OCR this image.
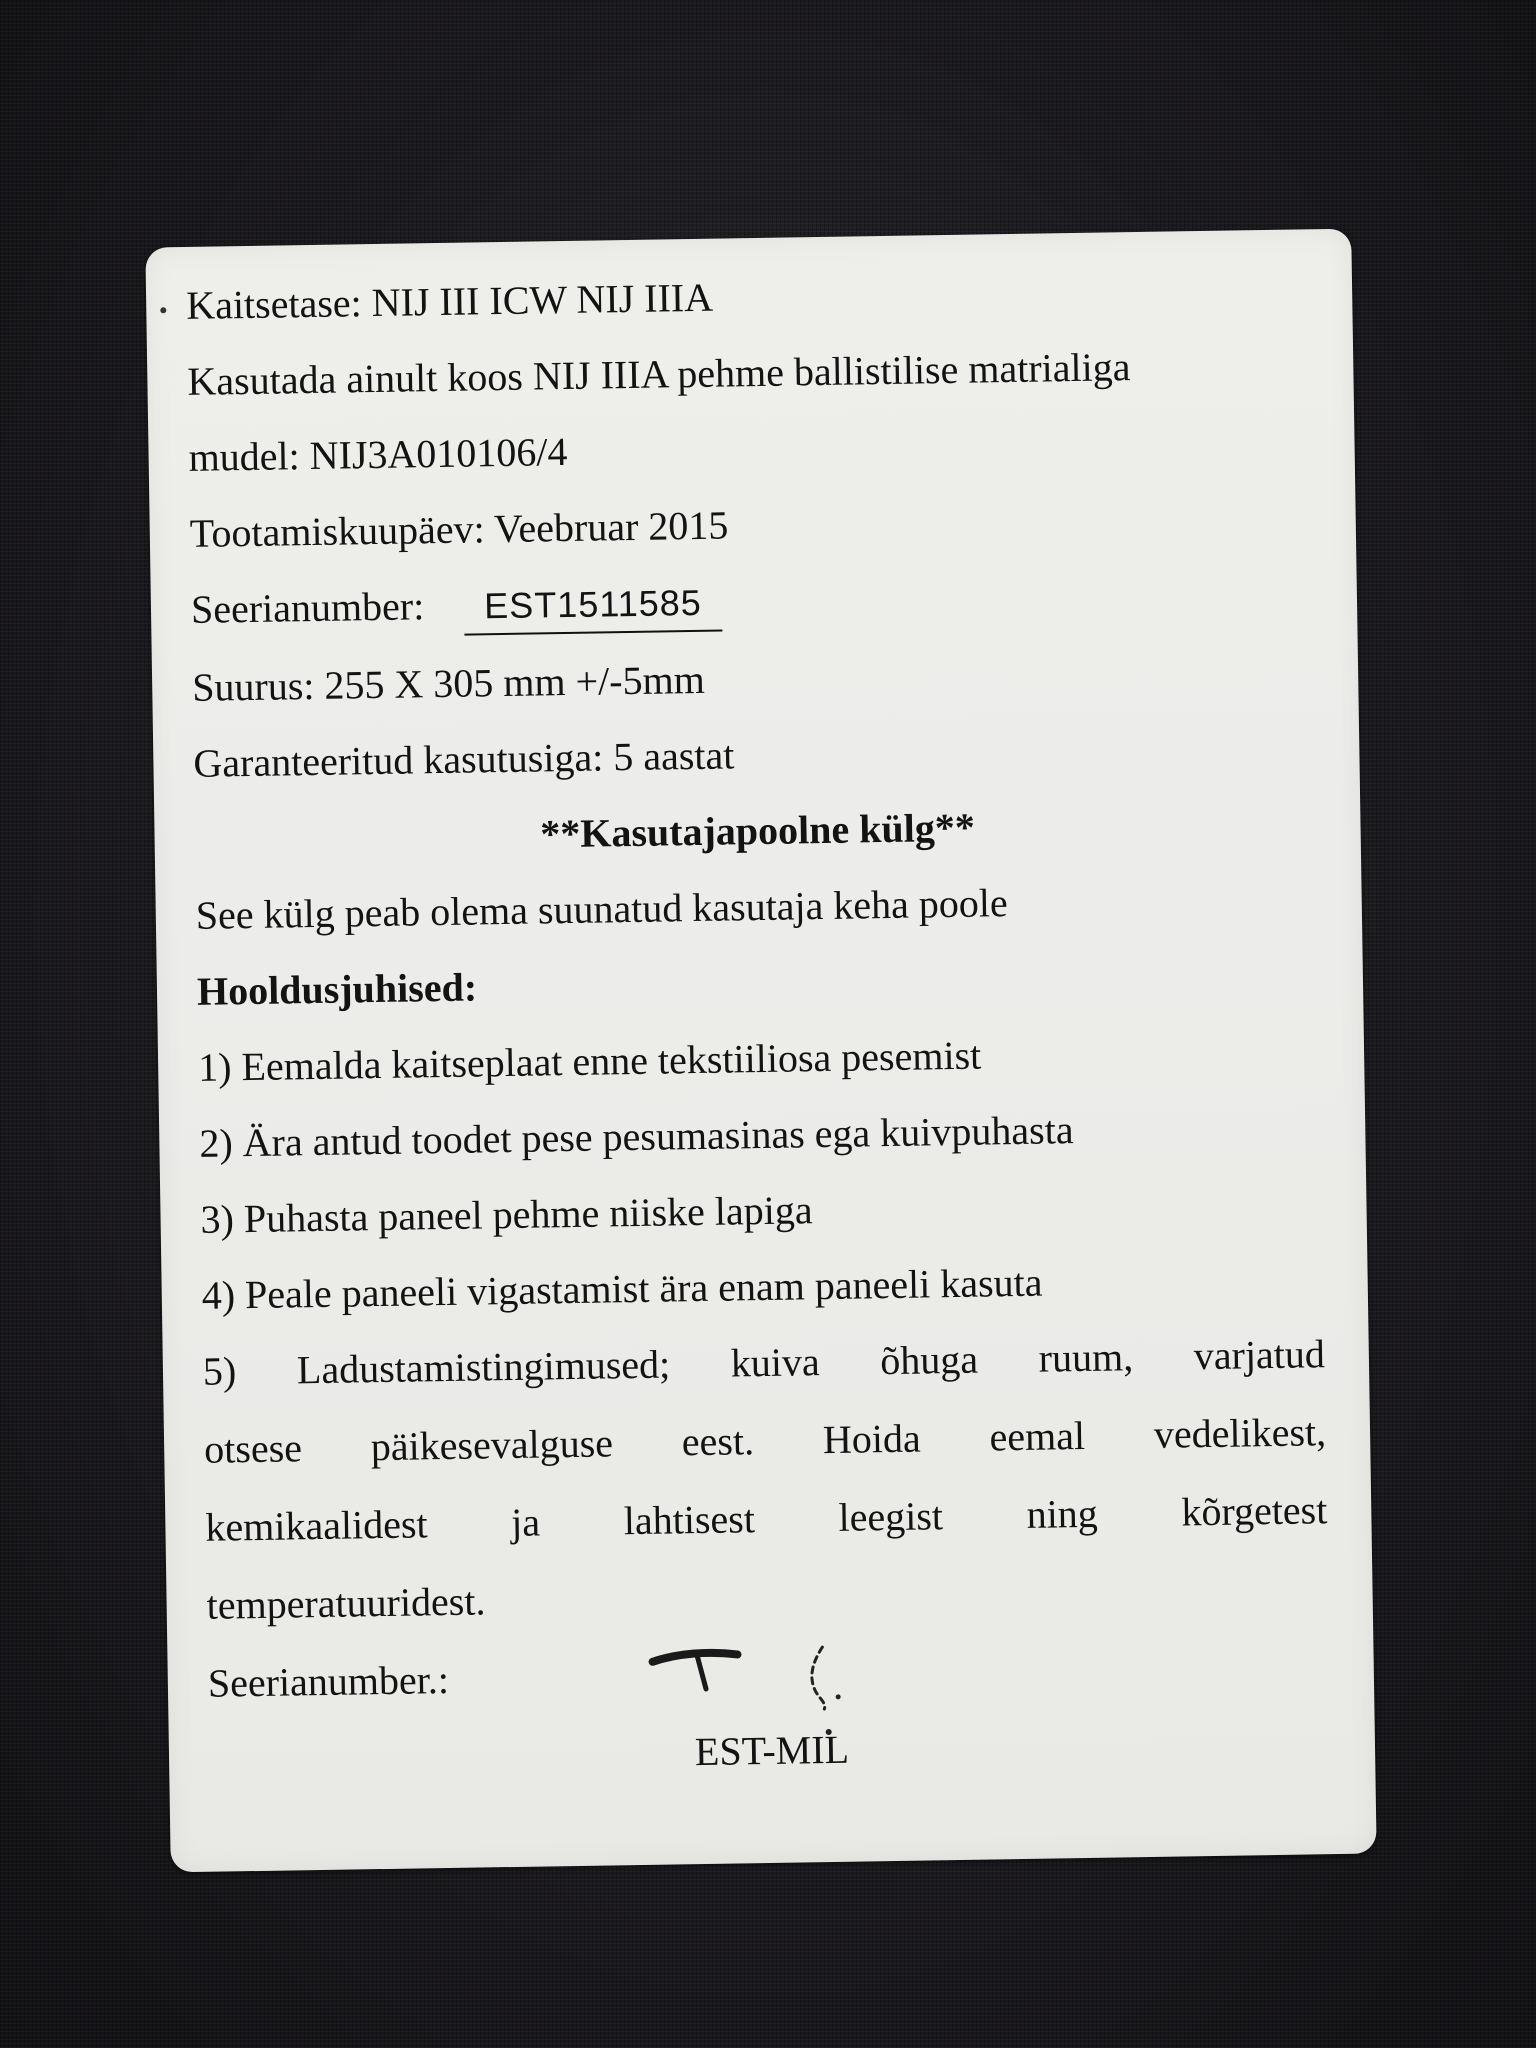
Kaitsetase: NIJ III ICW NIJ IIIA
Kasutada ainult koos NIJ IIIA pehme ballistilise matrialiga
mudel: NIJ3A010106/4
Tootamiskuupäev: Veebruar 2015
Seerianumber: EST1511585
Suurus: 255 X 305 mm +/-5mm
Garanteeritud kasutusiga: 5 aastat
**Kasutajapoolne külg**
See külg peab olema suunatud kasutaja keha poole
Hooldusjuhised:
1) Eemalda kaitseplaat enne tekstiiliosa pesemist
2) Ära antud toodet pese pesumasinas ega kuivpuhasta
3) Puhasta paneel pehme niiske lapiga
4) Peale paneeli vigastamist ära enam paneeli kasuta
5) Ladustamistingimused; kuiva õhuga ruum, varjatud
otsese päikesevalguse eest. Hoida eemal vedelikest,
kemikaalidest ja lahtisest leegist ning kõrgetest
temperatuuridest.
Seerianumber.:
EST-MIL
